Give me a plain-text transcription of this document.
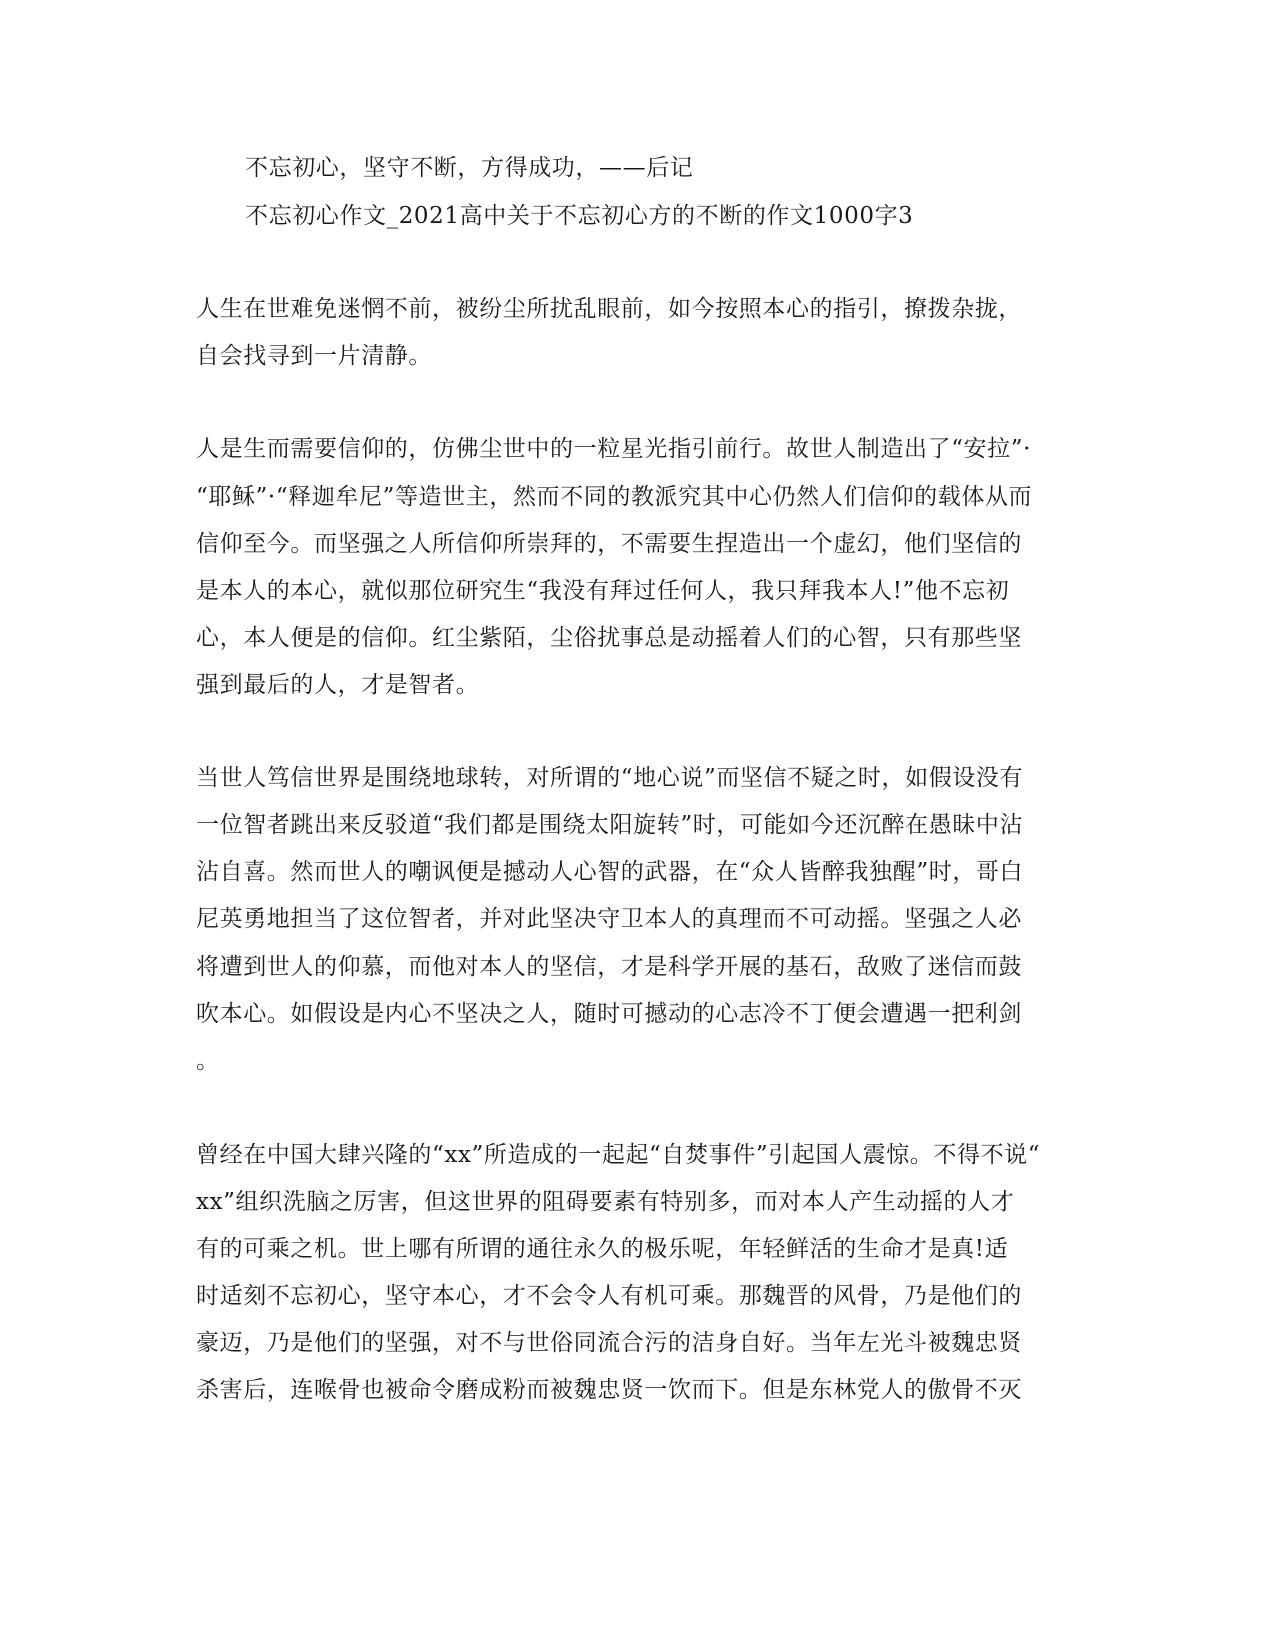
不忘初心，坚守不断，方得成功，——后记
不忘初心作文_2021高中关于不忘初心方的不断的作文1000字3
人生在世难免迷惘不前，被纷尘所扰乱眼前，如今按照本心的指引，撩拨杂拢，
自会找寻到一片清静。
人是生而需要信仰的，仿佛尘世中的一粒星光指引前行。故世人制造出了“安拉”·
“耶稣”·“释迦牟尼”等造世主，然而不同的教派究其中心仍然人们信仰的载体从而
信仰至今。而坚强之人所信仰所崇拜的，不需要生捏造出一个虚幻，他们坚信的
是本人的本心，就似那位研究生“我没有拜过任何人，我只拜我本人!”他不忘初
心，本人便是的信仰。红尘紫陌，尘俗扰事总是动摇着人们的心智，只有那些坚
强到最后的人，才是智者。
当世人笃信世界是围绕地球转，对所谓的“地心说”而坚信不疑之时，如假设没有
一位智者跳出来反驳道“我们都是围绕太阳旋转”时，可能如今还沉醉在愚昧中沾
沾自喜。然而世人的嘲讽便是撼动人心智的武器，在“众人皆醉我独醒”时，哥白
尼英勇地担当了这位智者，并对此坚决守卫本人的真理而不可动摇。坚强之人必
将遭到世人的仰慕，而他对本人的坚信，才是科学开展的基石，敌败了迷信而鼓
吹本心。如假设是内心不坚决之人，随时可撼动的心志冷不丁便会遭遇一把利剑
。
曾经在中国大肆兴隆的“xx”所造成的一起起“自焚事件”引起国人震惊。不得不说“
xx”组织洗脑之厉害，但这世界的阻碍要素有特别多，而对本人产生动摇的人才
有的可乘之机。世上哪有所谓的通往永久的极乐呢，年轻鲜活的生命才是真!适
时适刻不忘初心，坚守本心，才不会令人有机可乘。那魏晋的风骨，乃是他们的
豪迈，乃是他们的坚强，对不与世俗同流合污的洁身自好。当年左光斗被魏忠贤
杀害后，连喉骨也被命令磨成粉而被魏忠贤一饮而下。但是东林党人的傲骨不灭
